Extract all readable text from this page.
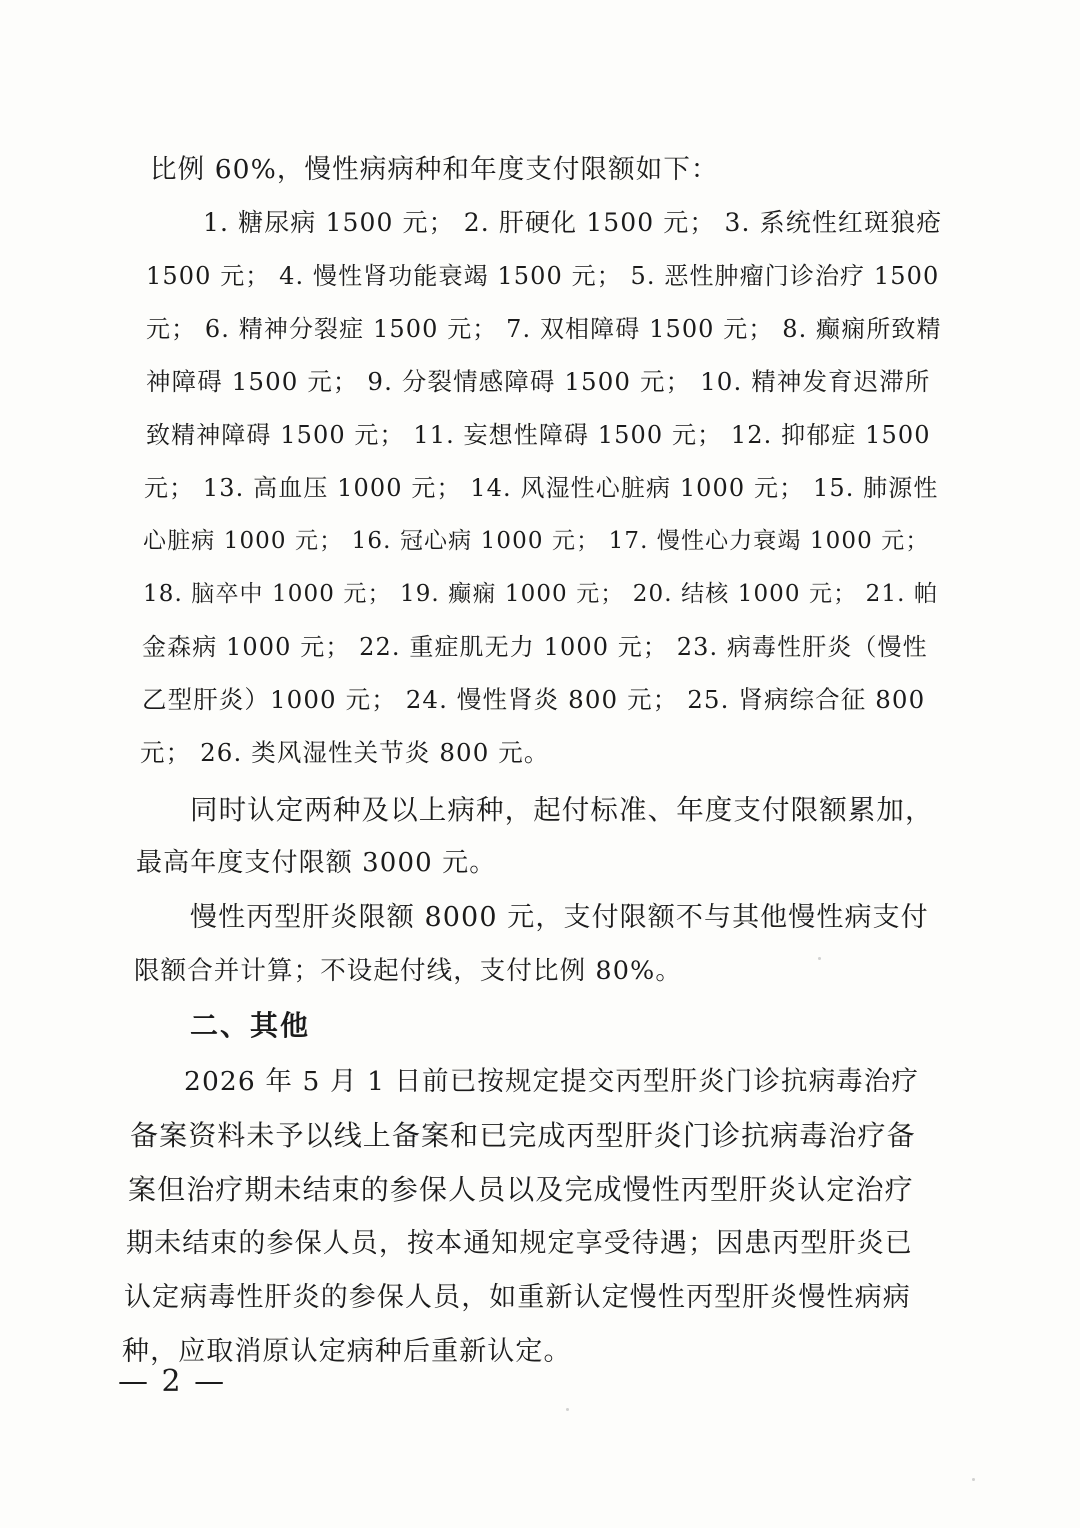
比例 60%，慢性病病种和年度支付限额如下：
1. 糖尿病 1500 元； 2. 肝硬化 1500 元； 3. 系统性红斑狼疮
1500 元； 4. 慢性肾功能衰竭 1500 元； 5. 恶性肿瘤门诊治疗 1500
元； 6. 精神分裂症 1500 元； 7. 双相障碍 1500 元； 8. 癫痫所致精
神障碍 1500 元； 9. 分裂情感障碍 1500 元； 10. 精神发育迟滞所
致精神障碍 1500 元； 11. 妄想性障碍 1500 元； 12. 抑郁症 1500
元； 13. 高血压 1000 元； 14. 风湿性心脏病 1000 元； 15. 肺源性
心脏病 1000 元； 16. 冠心病 1000 元； 17. 慢性心力衰竭 1000 元；
18. 脑卒中 1000 元； 19. 癫痫 1000 元； 20. 结核 1000 元； 21. 帕
金森病 1000 元； 22. 重症肌无力 1000 元； 23. 病毒性肝炎（慢性
乙型肝炎）1000 元； 24. 慢性肾炎 800 元； 25. 肾病综合征 800
元； 26. 类风湿性关节炎 800 元。
同时认定两种及以上病种，起付标准、年度支付限额累加，
最高年度支付限额 3000 元。
慢性丙型肝炎限额 8000 元，支付限额不与其他慢性病支付
限额合并计算；不设起付线，支付比例 80%。
二、其他
2026 年 5 月 1 日前已按规定提交丙型肝炎门诊抗病毒治疗
备案资料未予以线上备案和已完成丙型肝炎门诊抗病毒治疗备
案但治疗期未结束的参保人员以及完成慢性丙型肝炎认定治疗
期未结束的参保人员，按本通知规定享受待遇；因患丙型肝炎已
认定病毒性肝炎的参保人员，如重新认定慢性丙型肝炎慢性病病
种，应取消原认定病种后重新认定。
— 2 —
